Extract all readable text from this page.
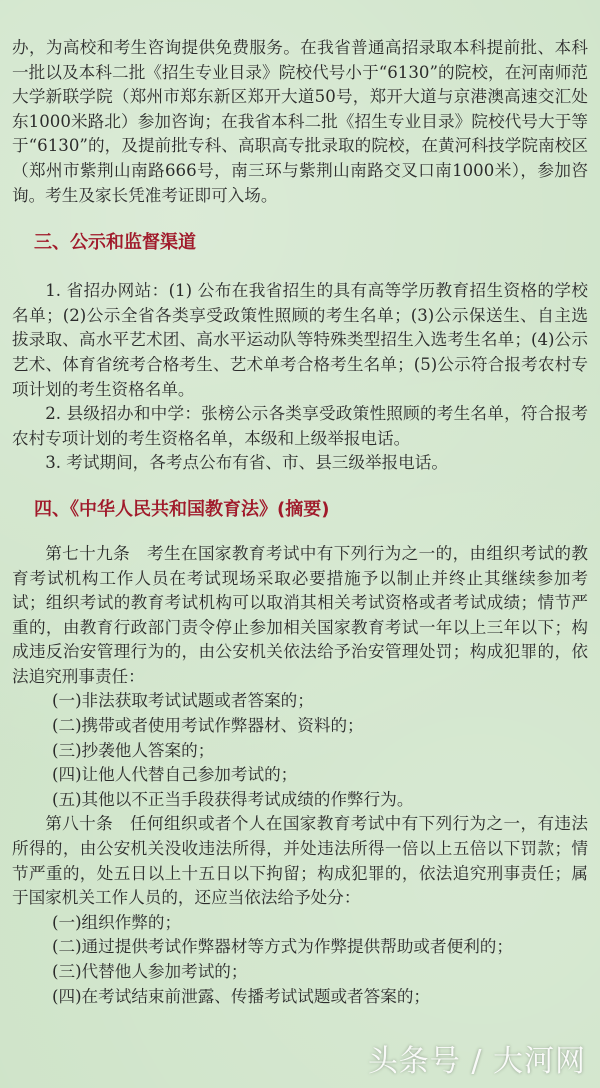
办，为高校和考生咨询提供免费服务。在我省普通高招录取本科提前批、本科一批以及本科二批《招生专业目录》院校代号小于“6130”的院校，在河南师范大学新联学院（郑州市郑东新区郑开大道50号，郑开大道与京港澳高速交汇处东1000米路北）参加咨询；在我省本科二批《招生专业目录》院校代号大于等于“6130”的，及提前批专科、高职高专批录取的院校，在黄河科技学院南校区（郑州市紫荆山南路666号，南三环与紫荆山南路交叉口南1000米），参加咨询。考生及家长凭准考证即可入场。

三、公示和监督渠道

1. 省招办网站：(1) 公布在我省招生的具有高等学历教育招生资格的学校名单；(2)公示全省各类享受政策性照顾的考生名单；(3)公示保送生、自主选拔录取、高水平艺术团、高水平运动队等特殊类型招生入选考生名单；(4)公示艺术、体育省统考合格考生、艺术单考合格考生名单；(5)公示符合报考农村专项计划的考生资格名单。

2. 县级招办和中学：张榜公示各类享受政策性照顾的考生名单，符合报考农村专项计划的考生资格名单，本级和上级举报电话。

3. 考试期间，各考点公布有省、市、县三级举报电话。

四、《中华人民共和国教育法》(摘要)

第七十九条　考生在国家教育考试中有下列行为之一的，由组织考试的教育考试机构工作人员在考试现场采取必要措施予以制止并终止其继续参加考试；组织考试的教育考试机构可以取消其相关考试资格或者考试成绩；情节严重的，由教育行政部门责令停止参加相关国家教育考试一年以上三年以下；构成违反治安管理行为的，由公安机关依法给予治安管理处罚；构成犯罪的，依法追究刑事责任：

(一)非法获取考试试题或者答案的；

(二)携带或者使用考试作弊器材、资料的；

(三)抄袭他人答案的；

(四)让他人代替自己参加考试的；

(五)其他以不正当手段获得考试成绩的作弊行为。

第八十条　任何组织或者个人在国家教育考试中有下列行为之一，有违法所得的，由公安机关没收违法所得，并处违法所得一倍以上五倍以下罚款；情节严重的，处五日以上十五日以下拘留；构成犯罪的，依法追究刑事责任；属于国家机关工作人员的，还应当依法给予处分：

(一)组织作弊的；

(二)通过提供考试作弊器材等方式为作弊提供帮助或者便利的；

(三)代替他人参加考试的；

(四)在考试结束前泄露、传播考试试题或者答案的；

头条号 / 大河网
